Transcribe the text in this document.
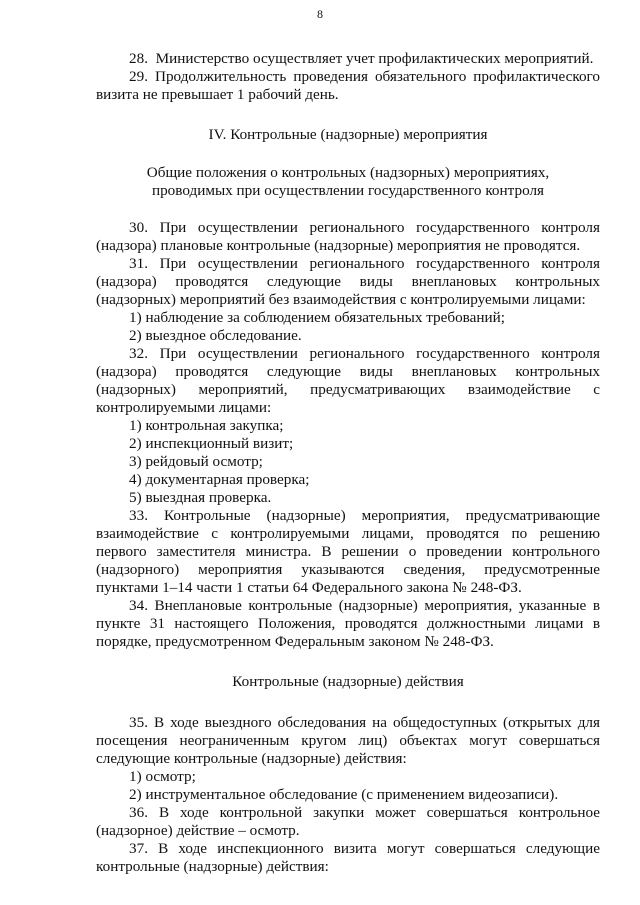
8

28.  Министерство осуществляет учет профилактических мероприятий.

29. Продолжительность проведения обязательного профилактического визита не превышает 1 рабочий день.

IV. Контрольные (надзорные) мероприятия

Общие положения о контрольных (надзорных) мероприятиях,

проводимых при осуществлении государственного контроля

30. При осуществлении регионального государственного контроля (надзора) плановые контрольные (надзорные) мероприятия не проводятся.

31. При осуществлении регионального государственного контроля (надзора) проводятся следующие виды внеплановых контрольных (надзорных) мероприятий без взаимодействия с контролируемыми лицами:

1) наблюдение за соблюдением обязательных требований;

2) выездное обследование.

32. При осуществлении регионального государственного контроля (надзора) проводятся следующие виды внеплановых контрольных (надзорных) мероприятий, предусматривающих взаимодействие с контролируемыми лицами:

1) контрольная закупка;

2) инспекционный визит;

3) рейдовый осмотр;

4) документарная проверка;

5) выездная проверка.

33. Контрольные (надзорные) мероприятия, предусматривающие взаимодействие с контролируемыми лицами, проводятся по решению первого заместителя министра. В решении о проведении контрольного (надзорного) мероприятия указываются сведения, предусмотренные пунктами 1–14 части 1 статьи 64 Федерального закона № 248-ФЗ.

34. Внеплановые контрольные (надзорные) мероприятия, указанные в пункте 31 настоящего Положения, проводятся должностными лицами в порядке, предусмотренном Федеральным законом № 248-ФЗ.

Контрольные (надзорные) действия

35. В ходе выездного обследования на общедоступных (открытых для посещения неограниченным кругом лиц) объектах могут совершаться следующие контрольные (надзорные) действия:

1) осмотр;

2) инструментальное обследование (с применением видеозаписи).

36. В ходе контрольной закупки может совершаться контрольное (надзорное) действие – осмотр.

37. В ходе инспекционного визита могут совершаться следующие контрольные (надзорные) действия:
